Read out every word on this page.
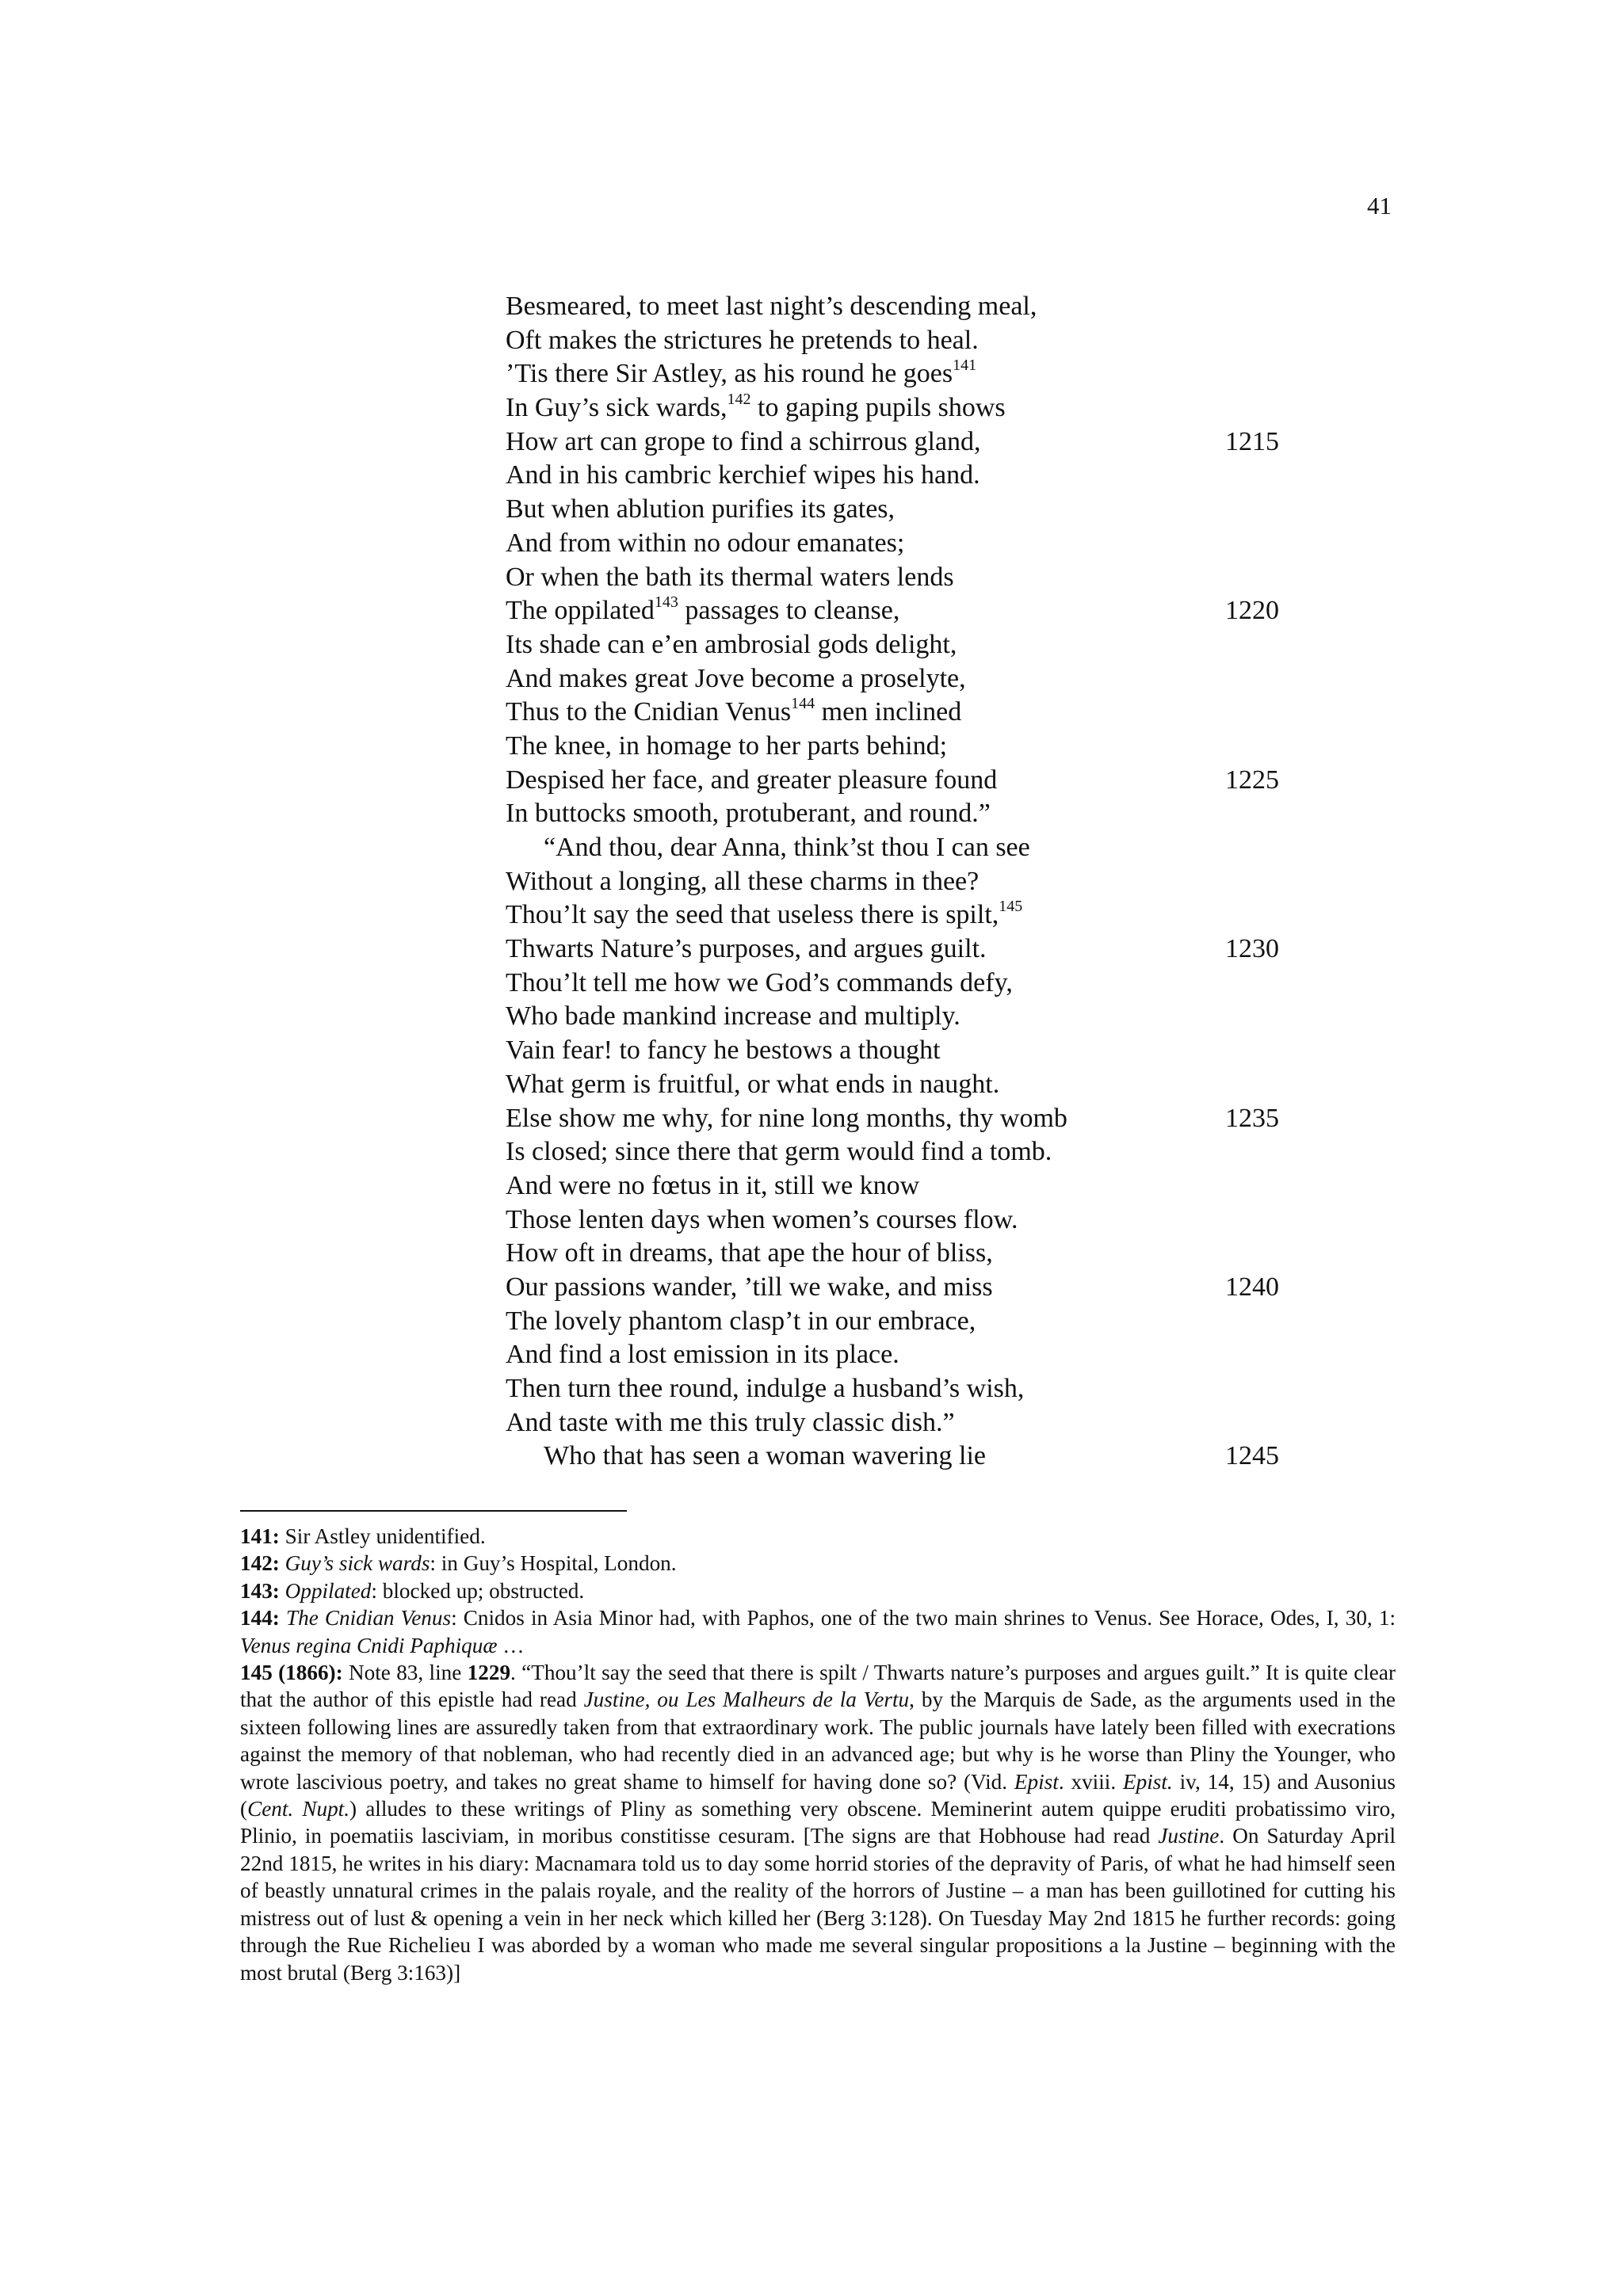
41
Besmeared, to meet last night’s descending meal,
Oft makes the strictures he pretends to heal.
’Tis there Sir Astley, as his round he goes$^{141}$
In Guy’s sick wards,$^{142}$ to gaping pupils shows
How art can grope to find a schirrous gland,	1215
And in his cambric kerchief wipes his hand.
But when ablution purifies its gates,
And from within no odour emanates;
Or when the bath its thermal waters lends
The oppilated$^{143}$ passages to cleanse,	1220
Its shade can e’en ambrosial gods delight,
And makes great Jove become a proselyte,
Thus to the Cnidian Venus$^{144}$ men inclined
The knee, in homage to her parts behind;
Despised her face, and greater pleasure found	1225
In buttocks smooth, protuberant, and round.”
“And thou, dear Anna, think’st thou I can see
Without a longing, all these charms in thee?
Thou’lt say the seed that useless there is spilt,$^{145}$
Thwarts Nature’s purposes, and argues guilt.	1230
Thou’lt tell me how we God’s commands defy,
Who bade mankind increase and multiply.
Vain fear! to fancy he bestows a thought
What germ is fruitful, or what ends in naught.
Else show me why, for nine long months, thy womb	1235
Is closed; since there that germ would find a tomb.
And were no fœtus in it, still we know
Those lenten days when women’s courses flow.
How oft in dreams, that ape the hour of bliss,
Our passions wander, ’till we wake, and miss	1240
The lovely phantom clasp’t in our embrace,
And find a lost emission in its place.
Then turn thee round, indulge a husband’s wish,
And taste with me this truly classic dish.”
Who that has seen a woman wavering lie	1245

141: Sir Astley unidentified.

142: Guy’s sick wards: in Guy’s Hospital, London.

143: Oppilated: blocked up; obstructed.

144: The Cnidian Venus: Cnidos in Asia Minor had, with Paphos, one of the two main shrines to Venus. See Horace, Odes, I, 30, 1: Venus regina Cnidi Paphiquæ …

145 (1866): Note 83, line 1229. “Thou’lt say the seed that there is spilt / Thwarts nature’s purposes and argues guilt.” It is quite clear that the author of this epistle had read Justine, ou Les Malheurs de la Vertu, by the Marquis de Sade, as the arguments used in the sixteen following lines are assuredly taken from that extraordinary work. The public journals have lately been filled with execrations against the memory of that nobleman, who had recently died in an advanced age; but why is he worse than Pliny the Younger, who wrote lascivious poetry, and takes no great shame to himself for having done so? (Vid. Epist. xviii. Epist. iv, 14, 15) and Ausonius (Cent. Nupt.) alludes to these writings of Pliny as something very obscene. Meminerint autem quippe eruditi probatissimo viro, Plinio, in poematiis lasciviam, in moribus constitisse cesuram. [The signs are that Hobhouse had read Justine. On Saturday April 22nd 1815, he writes in his diary: Macnamara told us to day some horrid stories of the depravity of Paris, of what he had himself seen of beastly unnatural crimes in the palais royale, and the reality of the horrors of Justine – a man has been guillotined for cutting his mistress out of lust & opening a vein in her neck which killed her (Berg 3:128). On Tuesday May 2nd 1815 he further records: going through the Rue Richelieu I was aborded by a woman who made me several singular propositions a la Justine – beginning with the most brutal (Berg 3:163)]
